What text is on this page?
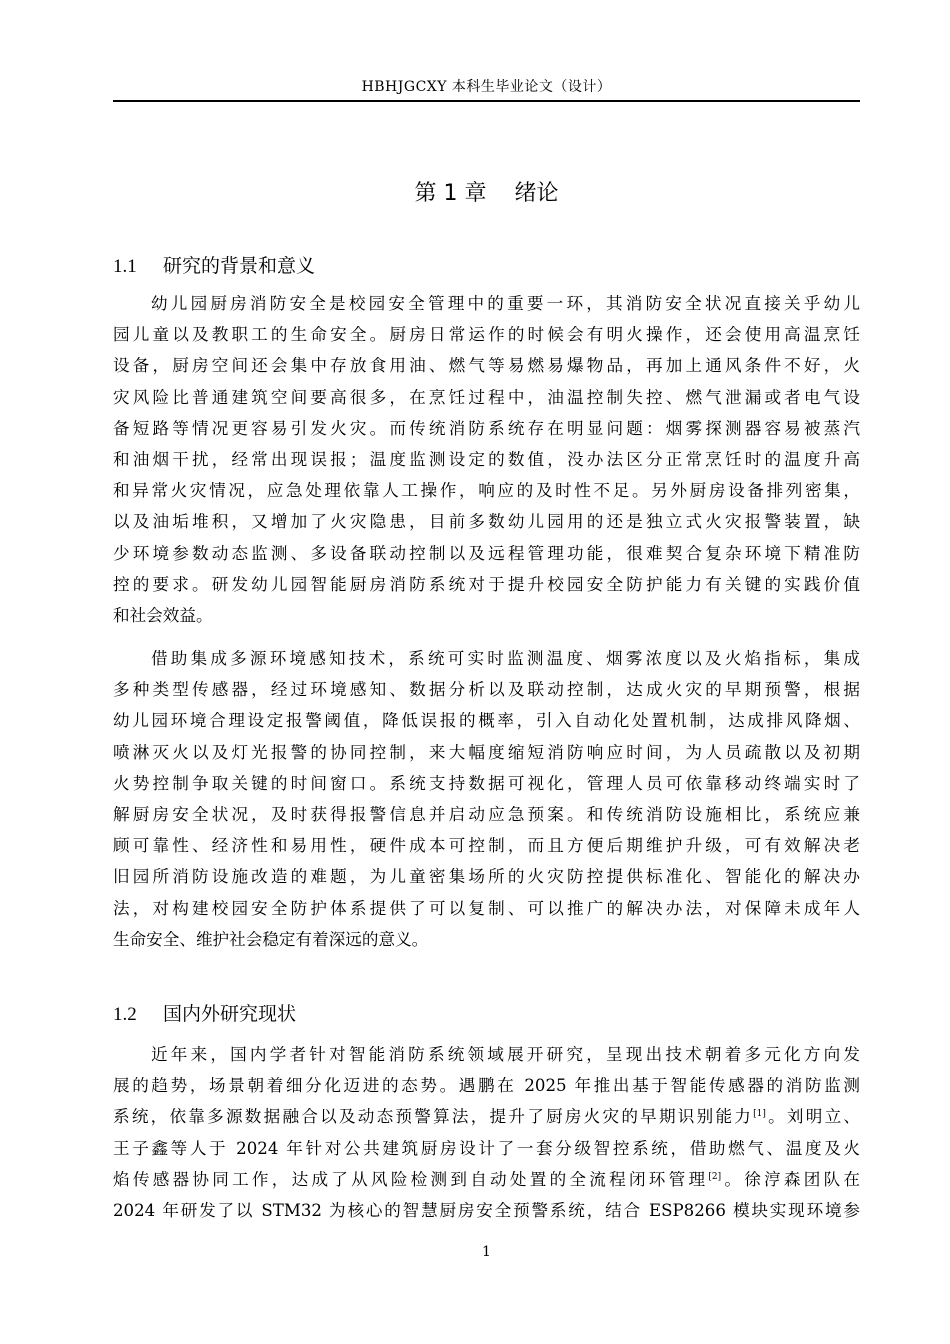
HBHJGCXY 本科生毕业论文（设计）
第 1 章 绪论
1.1 研究的背景和意义
幼儿园厨房消防安全是校园安全管理中的重要一环，其消防安全状况直接关乎幼儿
园儿童以及教职工的生命安全。厨房日常运作的时候会有明火操作，还会使用高温烹饪
设备，厨房空间还会集中存放食用油、燃气等易燃易爆物品，再加上通风条件不好，火
灾风险比普通建筑空间要高很多，在烹饪过程中，油温控制失控、燃气泄漏或者电气设
备短路等情况更容易引发火灾。而传统消防系统存在明显问题：烟雾探测器容易被蒸汽
和油烟干扰，经常出现误报；温度监测设定的数值，没办法区分正常烹饪时的温度升高
和异常火灾情况，应急处理依靠人工操作，响应的及时性不足。另外厨房设备排列密集，
以及油垢堆积，又增加了火灾隐患，目前多数幼儿园用的还是独立式火灾报警装置，缺
少环境参数动态监测、多设备联动控制以及远程管理功能，很难契合复杂环境下精准防
控的要求。研发幼儿园智能厨房消防系统对于提升校园安全防护能力有关键的实践价值
和社会效益。
借助集成多源环境感知技术，系统可实时监测温度、烟雾浓度以及火焰指标，集成
多种类型传感器，经过环境感知、数据分析以及联动控制，达成火灾的早期预警，根据
幼儿园环境合理设定报警阈值，降低误报的概率，引入自动化处置机制，达成排风降烟、
喷淋灭火以及灯光报警的协同控制，来大幅度缩短消防响应时间，为人员疏散以及初期
火势控制争取关键的时间窗口。系统支持数据可视化，管理人员可依靠移动终端实时了
解厨房安全状况，及时获得报警信息并启动应急预案。和传统消防设施相比，系统应兼
顾可靠性、经济性和易用性，硬件成本可控制，而且方便后期维护升级，可有效解决老
旧园所消防设施改造的难题，为儿童密集场所的火灾防控提供标准化、智能化的解决办
法，对构建校园安全防护体系提供了可以复制、可以推广的解决办法，对保障未成年人
生命安全、维护社会稳定有着深远的意义。
1.2 国内外研究现状
近年来，国内学者针对智能消防系统领域展开研究，呈现出技术朝着多元化方向发
展的趋势，场景朝着细分化迈进的态势。遇鹏在 2025 年推出基于智能传感器的消防监测
系统，依靠多源数据融合以及动态预警算法，提升了厨房火灾的早期识别能力[1]。刘明立、
王子鑫等人于 2024 年针对公共建筑厨房设计了一套分级智控系统，借助燃气、温度及火
焰传感器协同工作，达成了从风险检测到自动处置的全流程闭环管理[2]。徐涥森团队在
2024 年研发了以 STM32 为核心的智慧厨房安全预警系统，结合 ESP8266 模块实现环境参
1
